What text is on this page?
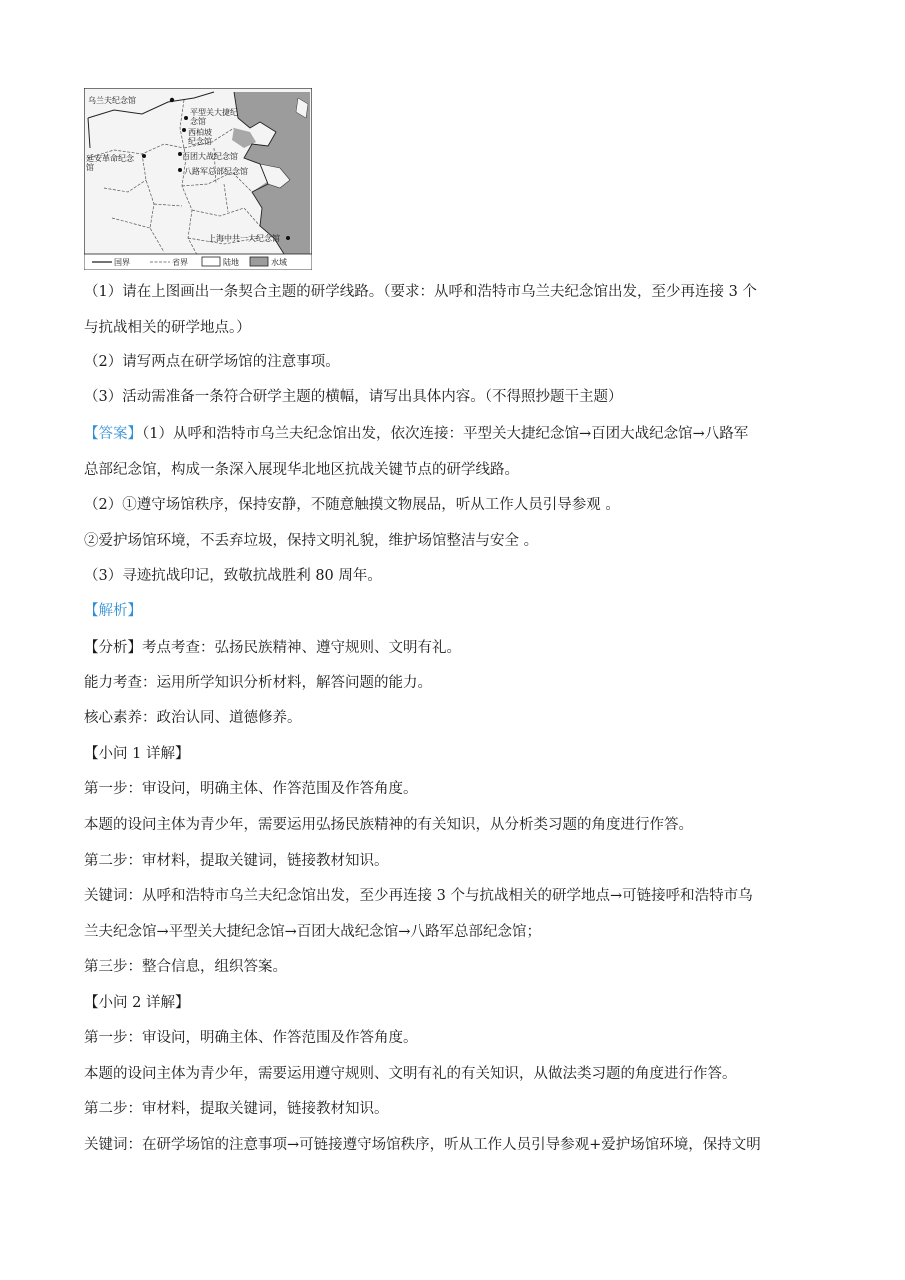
乌兰夫纪念馆
平型关大捷纪念馆
西柏坡纪念馆
百团大战纪念馆
八路军总部纪念馆
延安革命纪念馆
上海中共一大纪念馆
国界	省界	陆地	水域
（1）请在上图画出一条契合主题的研学线路。（要求：从呼和浩特市乌兰夫纪念馆出发，至少再连接 3 个
与抗战相关的研学地点。）
（2）请写两点在研学场馆的注意事项。
（3）活动需准备一条符合研学主题的横幅，请写出具体内容。（不得照抄题干主题）
【答案】（1）从呼和浩特市乌兰夫纪念馆出发，依次连接：平型关大捷纪念馆→百团大战纪念馆→八路军
总部纪念馆，构成一条深入展现华北地区抗战关键节点的研学线路。
（2）①遵守场馆秩序，保持安静，不随意触摸文物展品，听从工作人员引导参观 。
②爱护场馆环境，不丢弃垃圾，保持文明礼貌，维护场馆整洁与安全 。
（3）寻迹抗战印记，致敬抗战胜利 80 周年。
【解析】
【分析】考点考查：弘扬民族精神、遵守规则、文明有礼。
能力考查：运用所学知识分析材料，解答问题的能力。
核心素养：政治认同、道德修养。
【小问 1 详解】
第一步：审设问，明确主体、作答范围及作答角度。
本题的设问主体为青少年，需要运用弘扬民族精神的有关知识，从分析类习题的角度进行作答。
第二步：审材料，提取关键词，链接教材知识。
关键词：从呼和浩特市乌兰夫纪念馆出发，至少再连接 3 个与抗战相关的研学地点→可链接呼和浩特市乌
兰夫纪念馆→平型关大捷纪念馆→百团大战纪念馆→八路军总部纪念馆；
第三步：整合信息，组织答案。
【小问 2 详解】
第一步：审设问，明确主体、作答范围及作答角度。
本题的设问主体为青少年，需要运用遵守规则、文明有礼的有关知识，从做法类习题的角度进行作答。
第二步：审材料，提取关键词，链接教材知识。
关键词：在研学场馆的注意事项→可链接遵守场馆秩序，听从工作人员引导参观+爱护场馆环境，保持文明
